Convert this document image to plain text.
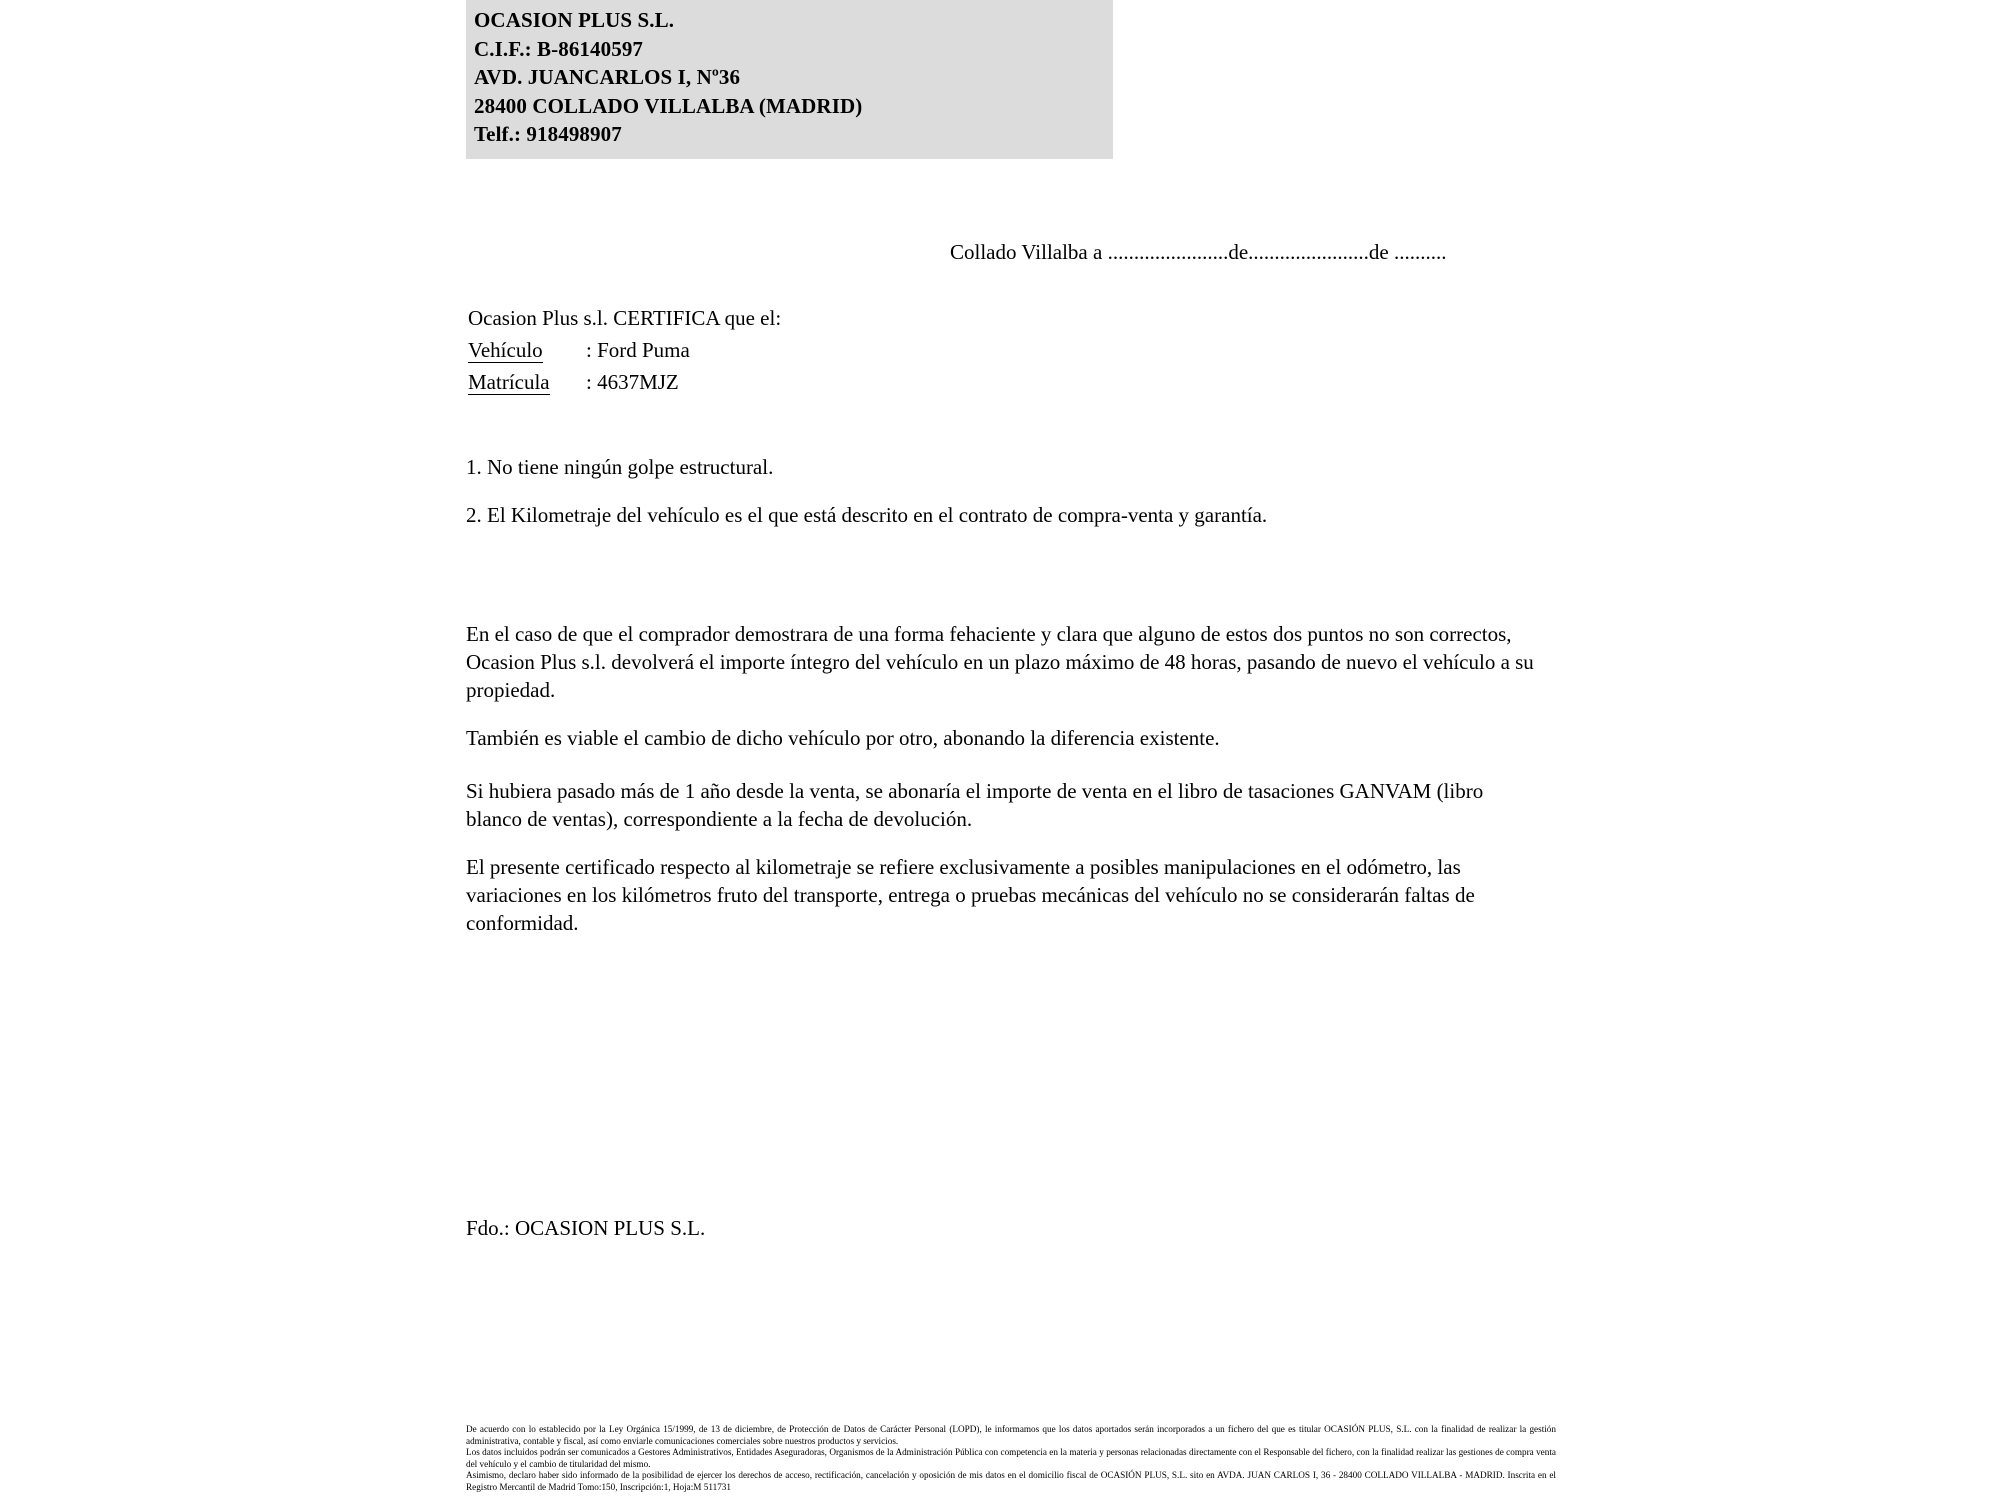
OCASION PLUS S.L.
C.I.F.: B-86140597
AVD. JUANCARLOS I, Nº36
28400 COLLADO VILLALBA (MADRID)
Telf.: 918498907
Collado Villalba a .......................de.......................de ..........
Ocasion Plus s.l. CERTIFICA que el:
Vehículo	: Ford Puma
Matrícula	: 4637MJZ
1. No tiene ningún golpe estructural.
2. El Kilometraje del vehículo es el que está descrito en el contrato de compra-venta y garantía.
En el caso de que el comprador demostrara de una forma fehaciente y clara que alguno de estos dos puntos no son correctos, Ocasion Plus s.l. devolverá el importe íntegro del vehículo en un plazo máximo de 48 horas, pasando de nuevo el vehículo a su propiedad.
También es viable el cambio de dicho vehículo por otro, abonando la diferencia existente.
Si hubiera pasado más de 1 año desde la venta, se abonaría el importe de venta en el libro de tasaciones GANVAM (libro blanco de ventas), correspondiente a la fecha de devolución.
El presente certificado respecto al kilometraje se refiere exclusivamente a posibles manipulaciones en el odómetro, las variaciones en los kilómetros fruto del transporte, entrega o pruebas mecánicas del vehículo no se considerarán faltas de conformidad.
Fdo.: OCASION PLUS S.L.

De acuerdo con lo establecido por la Ley Orgánica 15/1999, de 13 de diciembre, de Protección de Datos de Carácter Personal (LOPD), le informamos que los datos aportados serán incorporados a un fichero del que es titular OCASIÓN PLUS, S.L. con la finalidad de realizar la gestión administrativa, contable y fiscal, así como enviarle comunicaciones comerciales sobre nuestros productos y servicios.

Los datos incluidos podrán ser comunicados a Gestores Administrativos, Entidades Aseguradoras, Organismos de la Administración Pública con competencia en la materia y personas relacionadas directamente con el Responsable del fichero, con la finalidad realizar las gestiones de compra venta del vehículo y el cambio de titularidad del mismo.

Asimismo, declaro haber sido informado de la posibilidad de ejercer los derechos de acceso, rectificación, cancelación y oposición de mis datos en el domicilio fiscal de OCASIÓN PLUS, S.L. sito en AVDA. JUAN CARLOS I, 36 - 28400 COLLADO VILLALBA - MADRID. Inscrita en el Registro Mercantil de Madrid Tomo:150, Inscripción:1, Hoja:M 511731
